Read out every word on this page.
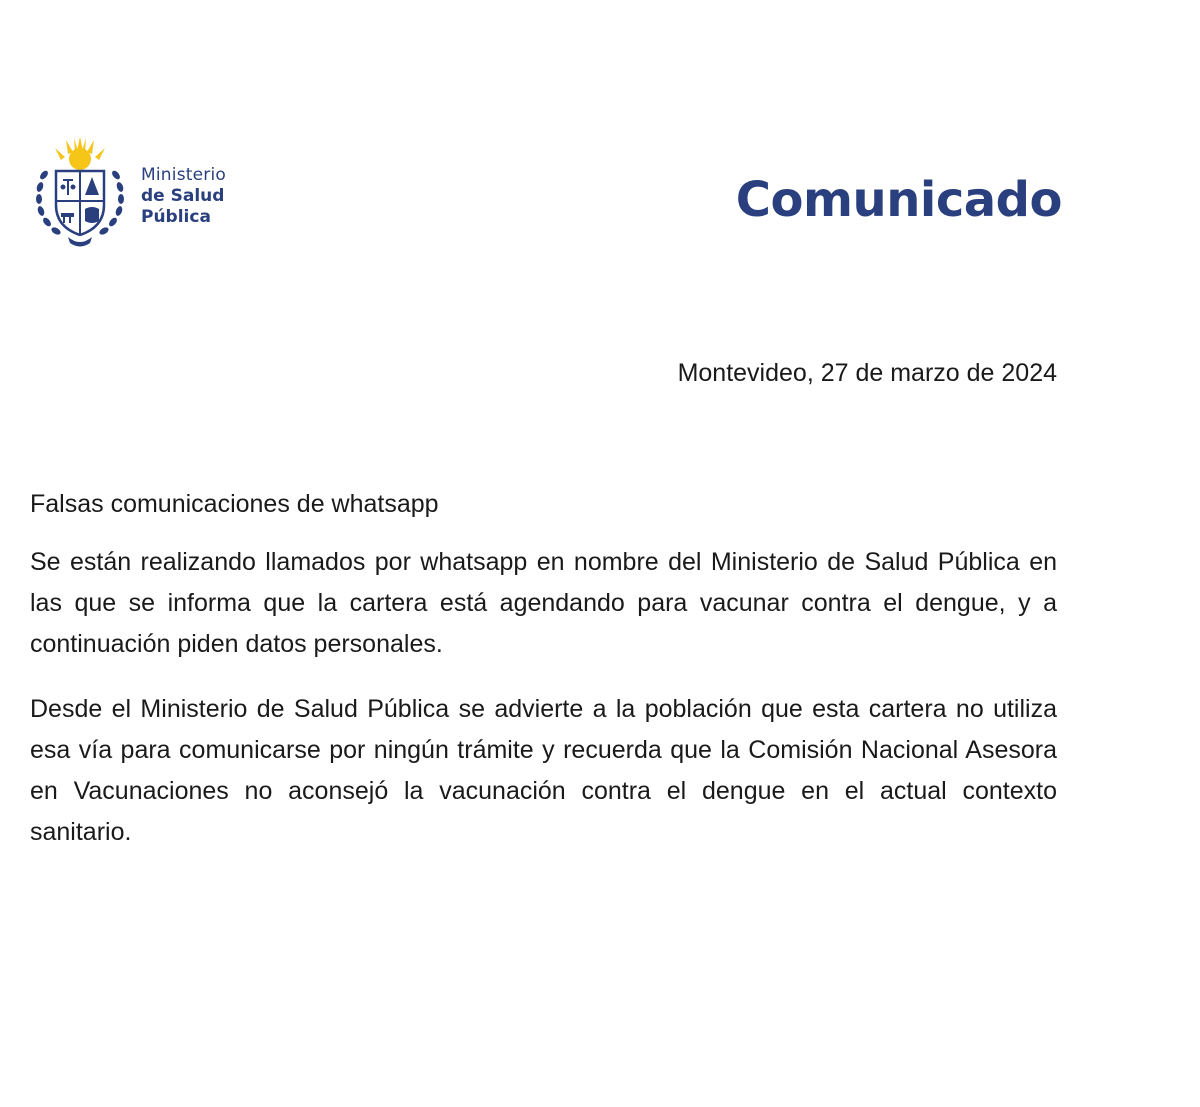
Ministerio
de Salud
Pública	Comunicado
Montevideo, 27 de marzo de 2024
Falsas comunicaciones de whatsapp

Se están realizando llamados por whatsapp en nombre del Ministerio de Salud Pública en las que se informa que la cartera está agendando para vacunar contra el dengue, y a continuación piden datos personales.

Desde el Ministerio de Salud Pública se advierte a la población que esta cartera no utiliza esa vía para comunicarse por ningún trámite y recuerda que la Comisión Nacional Asesora en Vacunaciones no aconsejó la vacunación contra el dengue en el actual contexto sanitario.
